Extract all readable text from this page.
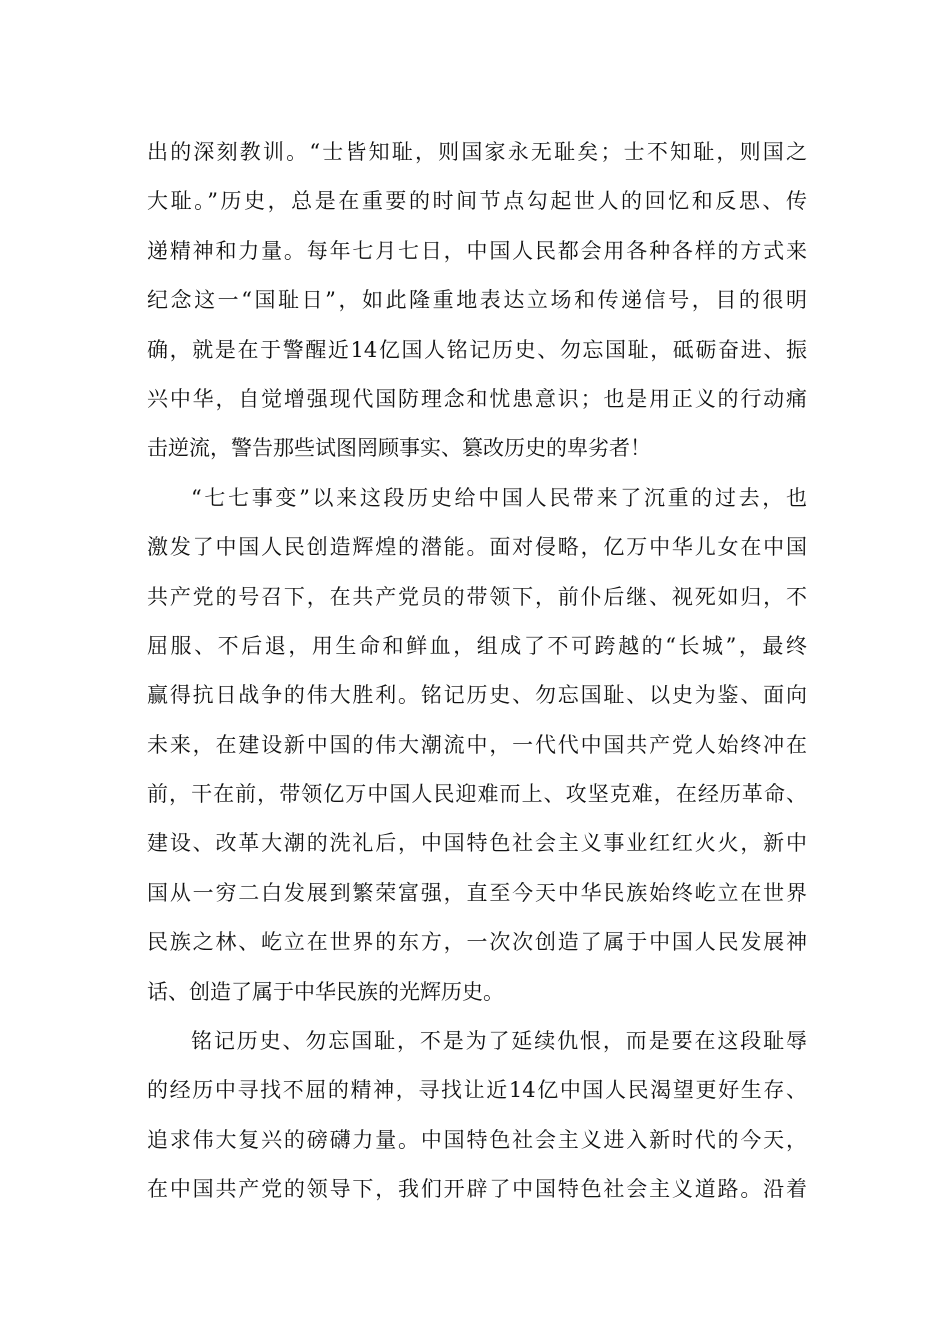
出的深刻教训。“士皆知耻，则国家永无耻矣；士不知耻，则国之
大耻。”历史，总是在重要的时间节点勾起世人的回忆和反思、传
递精神和力量。每年七月七日，中国人民都会用各种各样的方式来
纪念这一“国耻日”，如此隆重地表达立场和传递信号，目的很明
确，就是在于警醒近14亿国人铭记历史、勿忘国耻，砥砺奋进、振
兴中华，自觉增强现代国防理念和忧患意识；也是用正义的行动痛
击逆流，警告那些试图罔顾事实、篡改历史的卑劣者！
“七七事变”以来这段历史给中国人民带来了沉重的过去，也
激发了中国人民创造辉煌的潜能。面对侵略，亿万中华儿女在中国
共产党的号召下，在共产党员的带领下，前仆后继、视死如归，不
屈服、不后退，用生命和鲜血，组成了不可跨越的“长城”，最终
赢得抗日战争的伟大胜利。铭记历史、勿忘国耻、以史为鉴、面向
未来，在建设新中国的伟大潮流中，一代代中国共产党人始终冲在
前，干在前，带领亿万中国人民迎难而上、攻坚克难，在经历革命、
建设、改革大潮的洗礼后，中国特色社会主义事业红红火火，新中
国从一穷二白发展到繁荣富强，直至今天中华民族始终屹立在世界
民族之林、屹立在世界的东方，一次次创造了属于中国人民发展神
话、创造了属于中华民族的光辉历史。
铭记历史、勿忘国耻，不是为了延续仇恨，而是要在这段耻辱
的经历中寻找不屈的精神，寻找让近14亿中国人民渴望更好生存、
追求伟大复兴的磅礴力量。中国特色社会主义进入新时代的今天，
在中国共产党的领导下，我们开辟了中国特色社会主义道路。沿着
